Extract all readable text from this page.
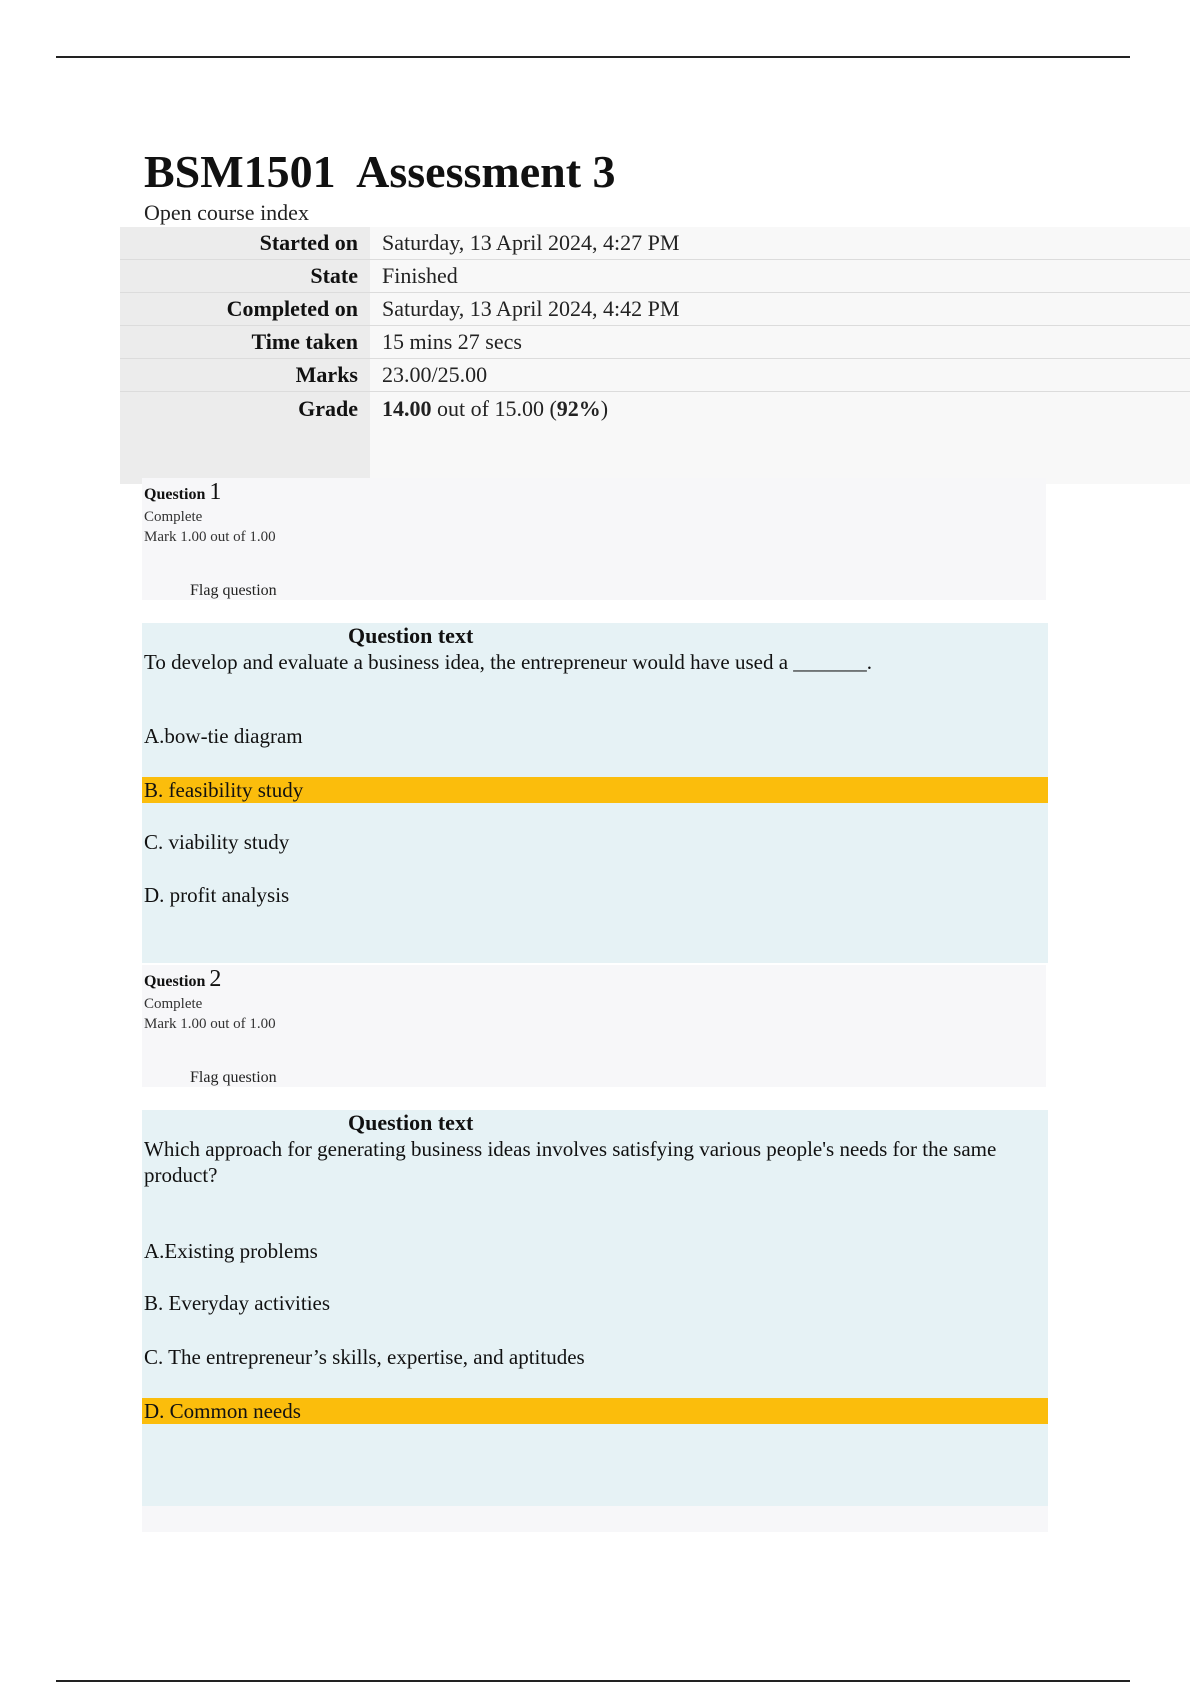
BSM1501  Assessment 3
Open course index
Started on	Saturday, 13 April 2024, 4:27 PM
State	Finished
Completed on	Saturday, 13 April 2024, 4:42 PM
Time taken	15 mins 27 secs
Marks	23.00/25.00
Grade	14.00 out of 15.00 (92%)
Question 1
Complete
Mark 1.00 out of 1.00
Flag question
Question text
To develop and evaluate a business idea, the entrepreneur would have used a _______.
A.bow-tie diagram
B. feasibility study
C. viability study
D. profit analysis
Question 2
Complete
Mark 1.00 out of 1.00
Flag question
Question text
Which approach for generating business ideas involves satisfying various people's needs for the same product?
A.Existing problems
B. Everyday activities
C. The entrepreneur’s skills, expertise, and aptitudes
D. Common needs
